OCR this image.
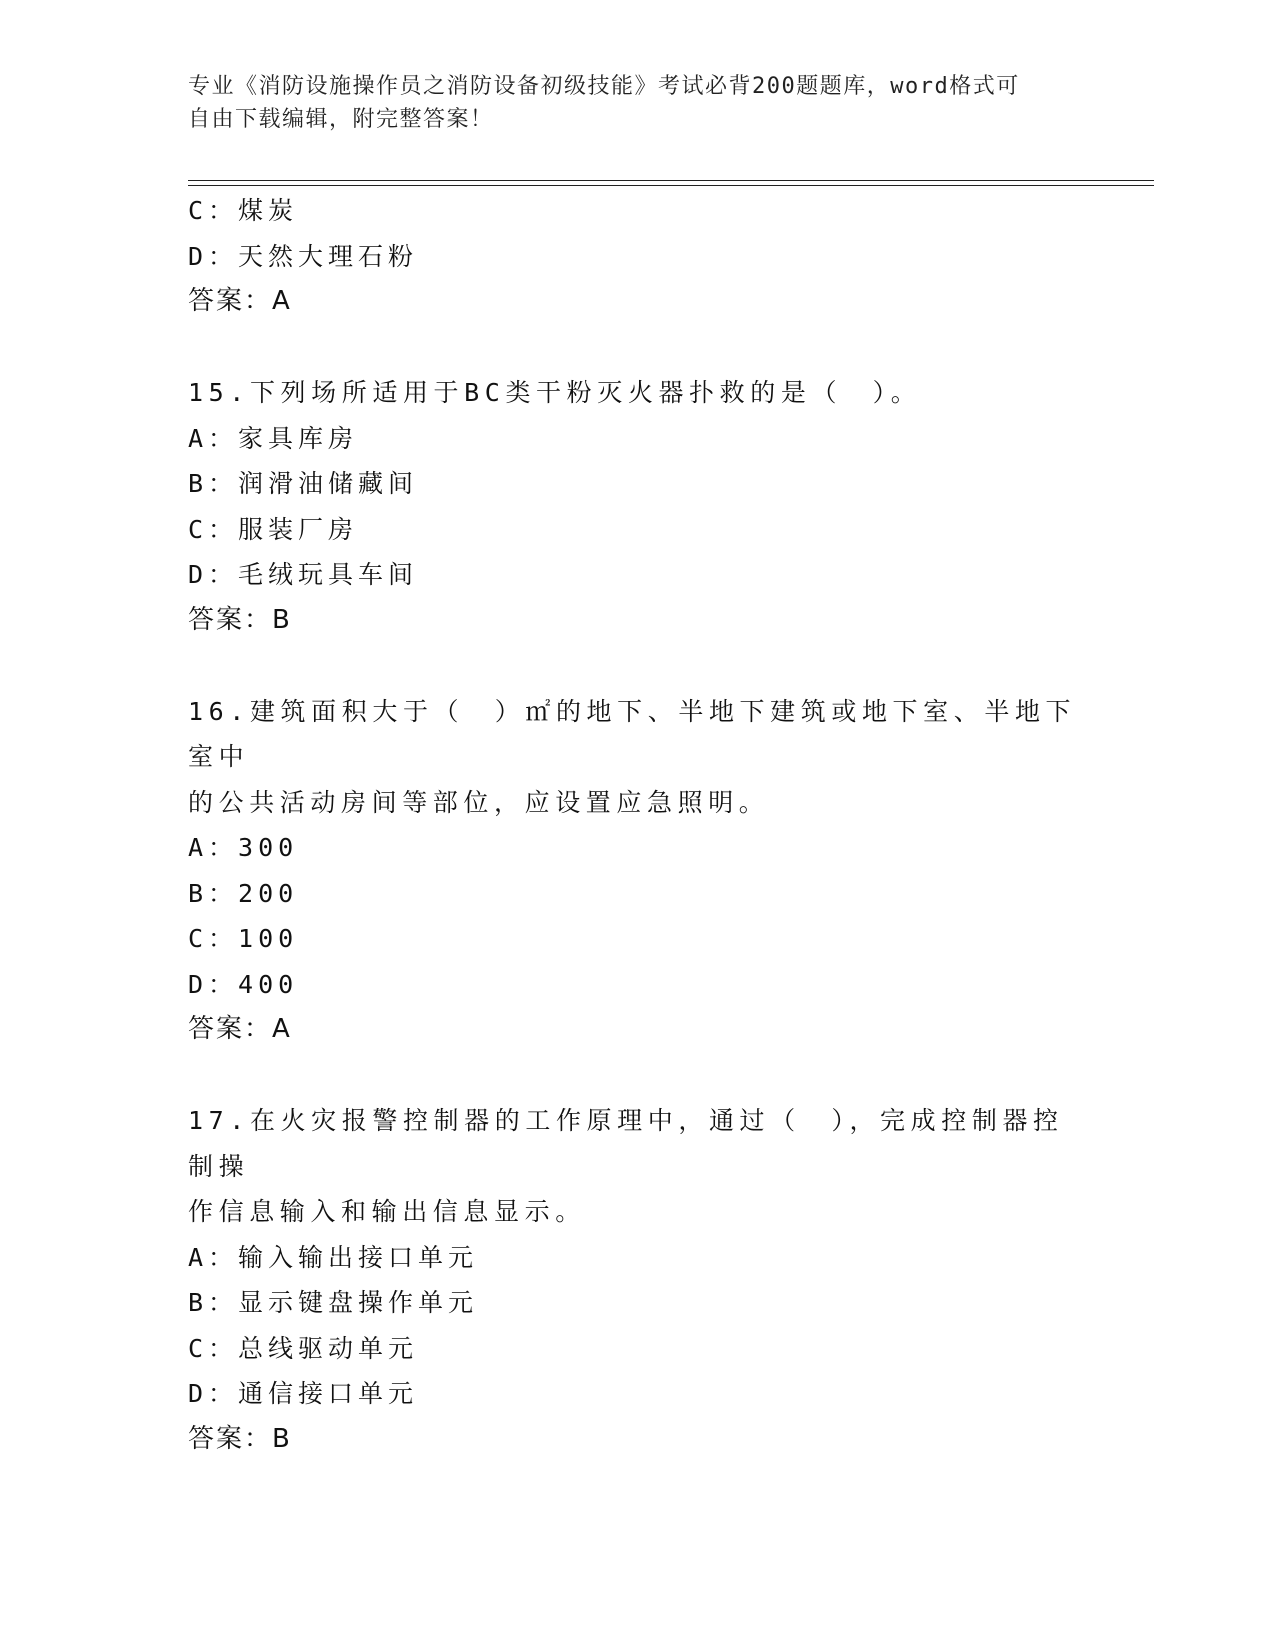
专业《消防设施操作员之消防设备初级技能》考试必背200题题库，word格式可
自由下载编辑，附完整答案！

C：煤炭

D：天然大理石粉

答案：A

15.下列场所适用于BC类干粉灭火器扑救的是（　）。

A：家具库房

B：润滑油储藏间

C：服装厂房

D：毛绒玩具车间

答案：B

16.建筑面积大于（　）㎡的地下、半地下建筑或地下室、半地下室中

的公共活动房间等部位，应设置应急照明。

A：300

B：200

C：100

D：400

答案：A

17.在火灾报警控制器的工作原理中，通过（　），完成控制器控制操

作信息输入和输出信息显示。

A：输入输出接口单元

B：显示键盘操作单元

C：总线驱动单元

D：通信接口单元

答案：B
